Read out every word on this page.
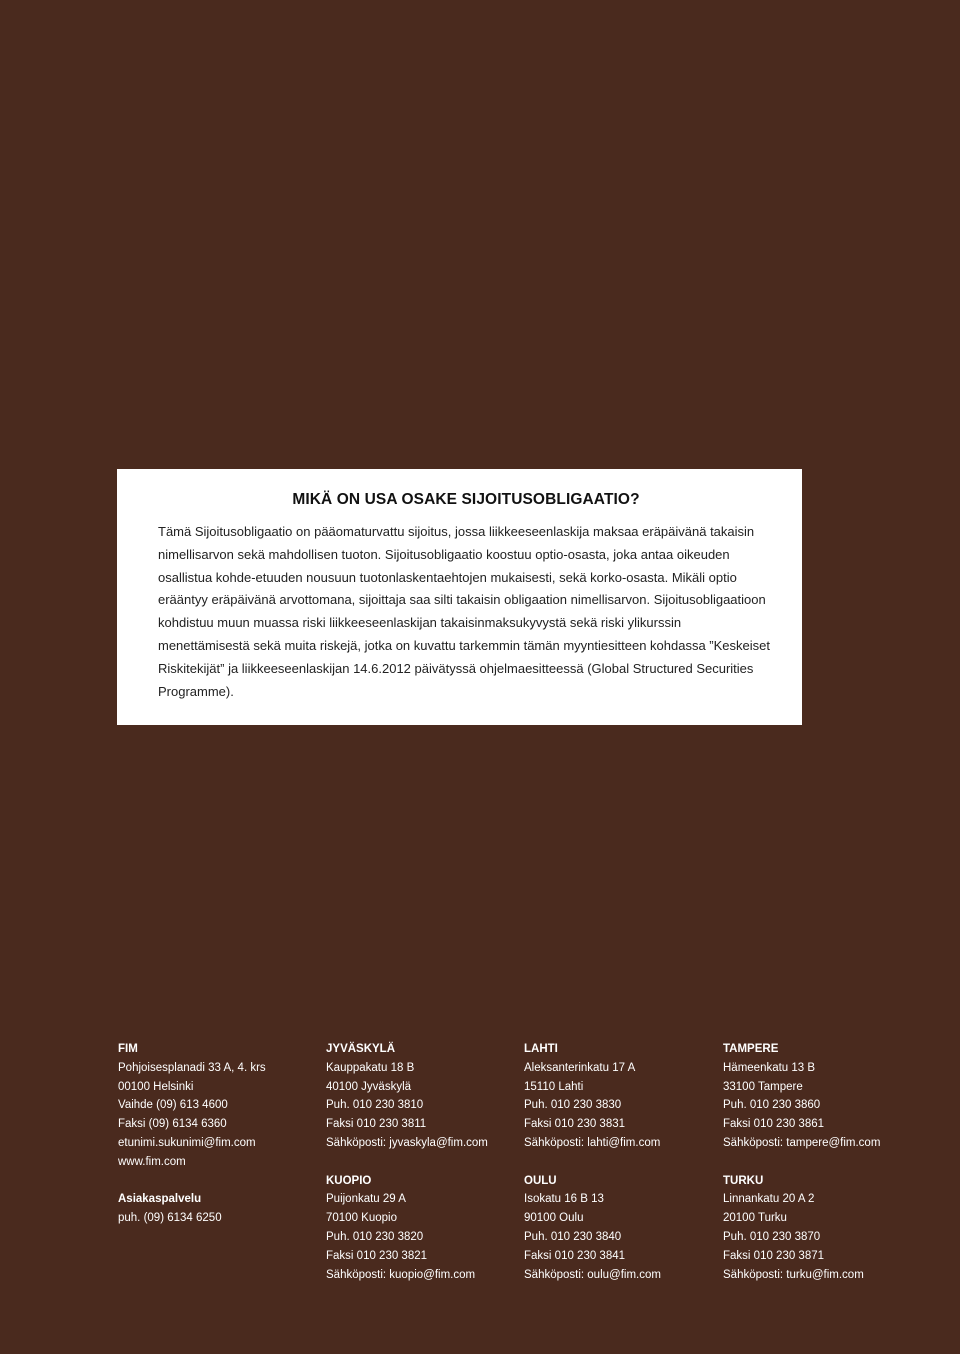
MIKÄ ON USA OSAKE SIJOITUSOBLIGAATIO?

Tämä Sijoitusobligaatio on pääomaturvattu sijoitus, jossa liikkeeseenlaskija maksaa eräpäivänä takaisin nimellisarvon sekä mahdollisen tuoton. Sijoitusobligaatio koostuu optio-osasta, joka antaa oikeuden osallistua kohde-etuuden nousuun tuotonlaskentaehtojen mukaisesti, sekä korko-osasta. Mikäli optio erääntyy eräpäivänä arvottomana, sijoittaja saa silti takaisin obligaation nimellisarvon. Sijoitusobligaatioon kohdistuu muun muassa riski liikkeeseenlaskijan takaisinmaksukyvystä sekä riski ylikurssin menettämisestä sekä muita riskejä, jotka on kuvattu tarkemmin tämän myyntiesitteen kohdassa ”Keskeiset Riskitekijät” ja liikkeeseenlaskijan 14.6.2012 päivätyssä ohjelmaesitteessä (Global Structured Securities Programme).

FIM
Pohjoisesplanadi 33 A, 4. krs
00100 Helsinki
Vaihde (09) 613 4600
Faksi (09) 6134 6360
etunimi.sukunimi@fim.com
www.fim.com
Asiakaspalvelu
puh. (09) 6134 6250
JYVÄSKYLÄ
Kauppakatu 18 B
40100 Jyväskylä
Puh. 010 230 3810
Faksi 010 230 3811
Sähköposti: jyvaskyla@fim.com
KUOPIO
Puijonkatu 29 A
70100 Kuopio
Puh. 010 230 3820
Faksi 010 230 3821
Sähköposti: kuopio@fim.com
LAHTI
Aleksanterinkatu 17 A
15110 Lahti
Puh. 010 230 3830
Faksi 010 230 3831
Sähköposti: lahti@fim.com
OULU
Isokatu 16 B 13
90100 Oulu
Puh. 010 230 3840
Faksi 010 230 3841
Sähköposti: oulu@fim.com
TAMPERE
Hämeenkatu 13 B
33100 Tampere
Puh. 010 230 3860
Faksi 010 230 3861
Sähköposti: tampere@fim.com
TURKU
Linnankatu 20 A 2
20100 Turku
Puh. 010 230 3870
Faksi 010 230 3871
Sähköposti: turku@fim.com
